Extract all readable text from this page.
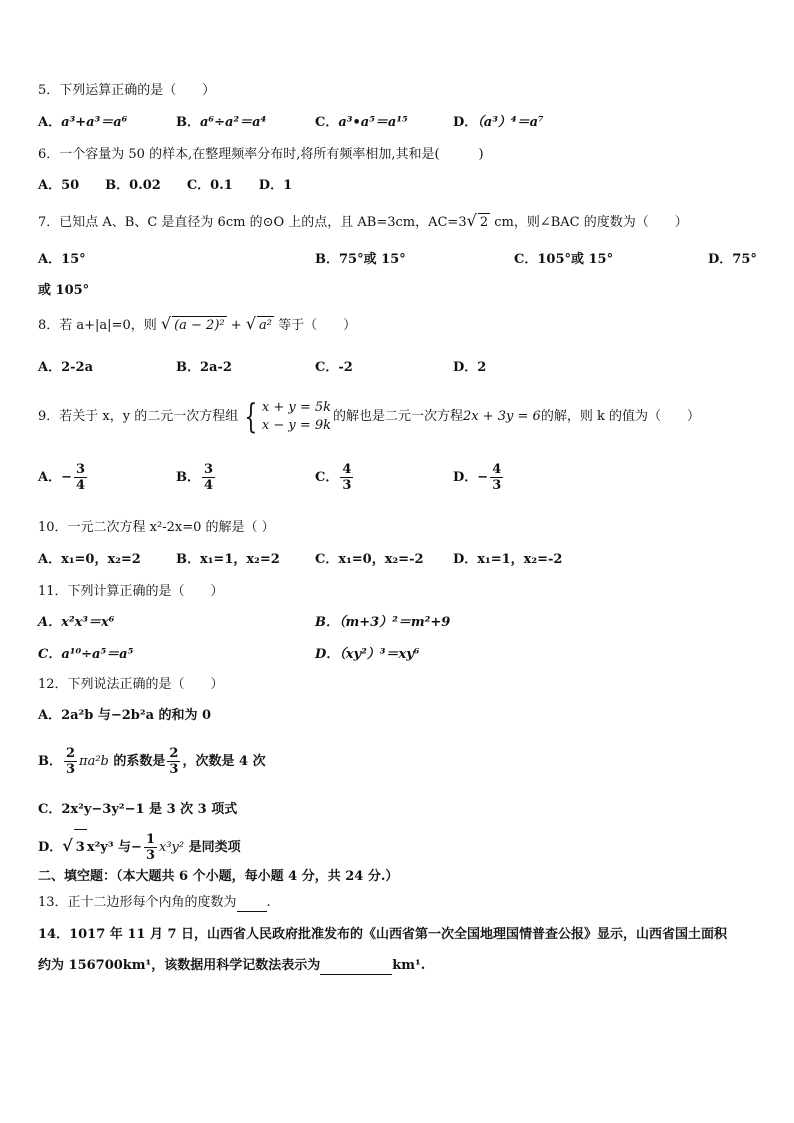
5．下列运算正确的是（　　）
A．a³+a³＝a⁶	B．a⁶÷a²＝a⁴	C．a³•a⁵＝a¹⁵	D．（a³）⁴＝a⁷
6．一个容量为 50 的样本,在整理频率分布时,将所有频率相加,其和是(　　　)
A．50　　B．0.02　　C．0.1　　D．1
7．已知点 A、B、C 是直径为 6cm 的⊙O 上的点，且 AB=3cm，AC=3√ 2 cm，则∠BAC 的度数为（　　）
A．15°	B．75°或 15°	C．105°或 15°	D．75°
或 105°
8．若 a+|a|=0，则 √ (a − 2)² + √ a² 等于（　　）
A．2-2a	B．2a-2	C．-2	D．2
9．若关于 x，y 的二元一次方程组 { x + y = 5k
x − y = 9k
的解也是二元一次方程2x + 3y = 6的解，则 k 的值为（　　）
A．− $\frac{3}{4}$	B． $\frac{3}{4}$	C． $\frac{4}{3}$	D．− $\frac{4}{3}$
10．一元二次方程 x²-2x=0 的解是（ ）
A．x₁=0，x₂=2	B．x₁=1，x₂=2	C．x₁=0，x₂=-2 D．x₁=1，x₂=-2
11．下列计算正确的是（　　）
A．x²x³＝x⁶	B．（m+3）²＝m²+9
C．a¹⁰÷a⁵＝a⁵	D．（xy²）³＝xy⁶
12．下列说法正确的是（　　）
A．2a²b 与−2b²a 的和为 0
B． $\frac{2}{3} \pi a^2b$ 的系数是 $\frac{2}{3}$ ，次数是 4 次
C．2x²y−3y²−1 是 3 次 3 项式
D．√ 3 x²y³ 与− $\frac{1}{3} x^3y^2$ 是同类项
二、填空题：（本大题共 6 个小题，每小题 4 分，共 24 分.）
13．正十二边形每个内角的度数为 .
14．1017 年 11 月 7 日，山西省人民政府批准发布的《山西省第一次全国地理国情普查公报》显示，山西省国土面积
约为 156700km¹，该数据用科学记数法表示为	km¹.
